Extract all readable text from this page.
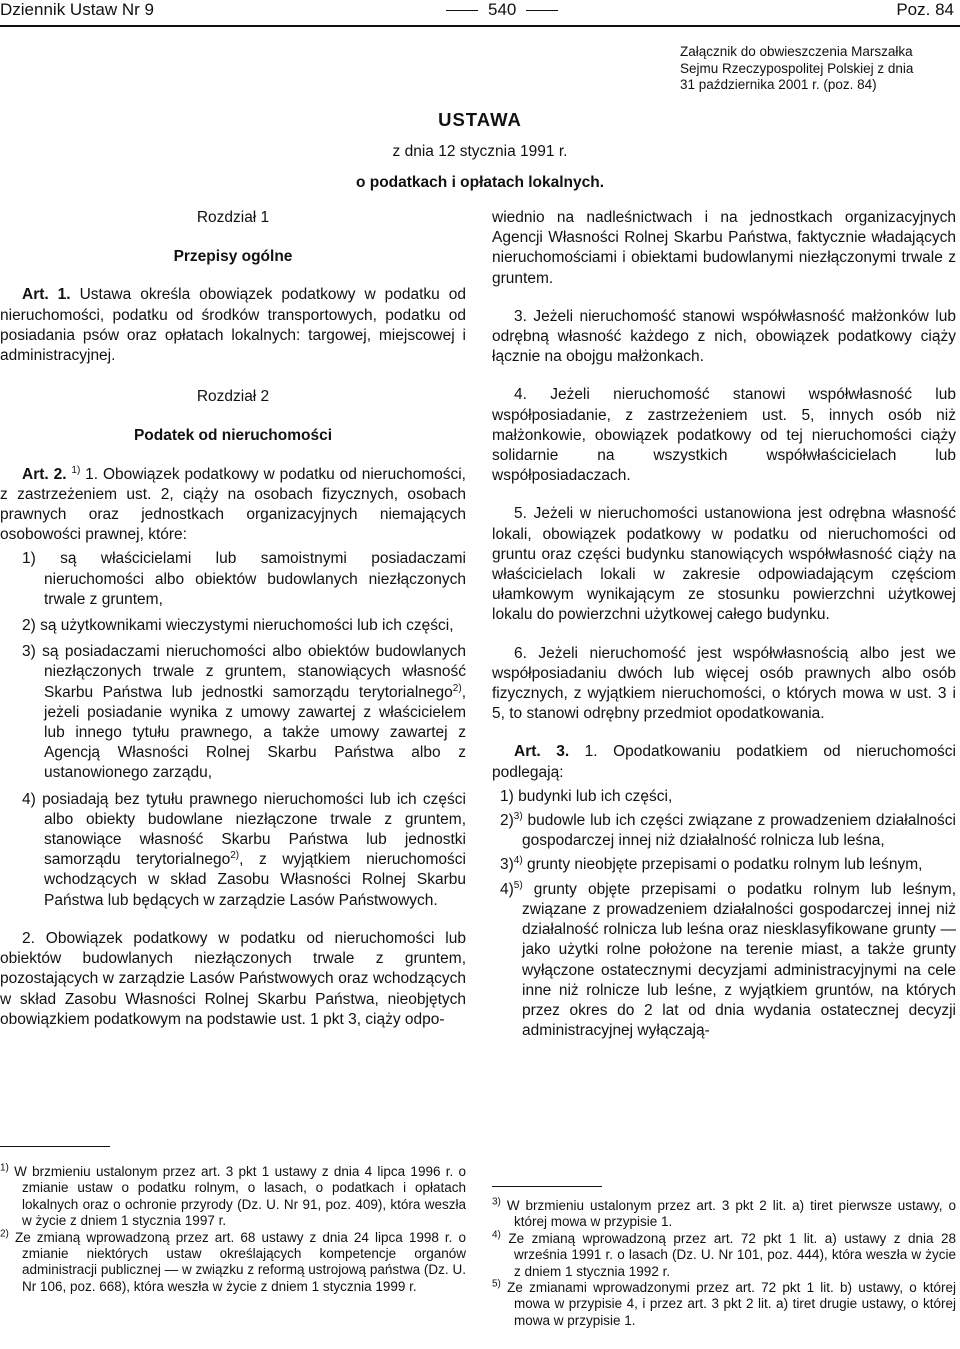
Dziennik Ustaw Nr 9	540	Poz. 84
Załącznik do obwieszczenia Marszałka
Sejmu Rzeczypospolitej Polskiej z dnia
31 października 2001 r. (poz. 84)
USTAWA
z dnia 12 stycznia 1991 r.
o podatkach i opłatach lokalnych.

Rozdział 1

Przepisy ogólne

Art. 1. Ustawa określa obowiązek podatkowy w podatku od nieruchomości, podatku od środków transportowych, podatku od posiadania psów oraz opłatach lokalnych: targowej, miejscowej i administracyjnej.

Rozdział 2

Podatek od nieruchomości

Art. 2. $^{1)}$ 1. Obowiązek podatkowy w podatku od nieruchomości, z zastrzeżeniem ust. 2, ciąży na osobach fizycznych, osobach prawnych oraz jednostkach organizacyjnych niemających osobowości prawnej, które:

1) są właścicielami lub samoistnymi posiadaczami nieruchomości albo obiektów budowlanych niezłączonych trwale z gruntem,

2) są użytkownikami wieczystymi nieruchomości lub ich części,

3) są posiadaczami nieruchomości albo obiektów budowlanych niezłączonych trwale z gruntem, stanowiących własność Skarbu Państwa lub jednostki samorządu terytorialnego$^{2)}$, jeżeli posiadanie wynika z umowy zawartej z właścicielem lub innego tytułu prawnego, a także umowy zawartej z Agencją Własności Rolnej Skarbu Państwa albo z ustanowionego zarządu,

4) posiadają bez tytułu prawnego nieruchomości lub ich części albo obiekty budowlane niezłączone trwale z gruntem, stanowiące własność Skarbu Państwa lub jednostki samorządu terytorialnego$^{2)}$, z wyjątkiem nieruchomości wchodzących w skład Zasobu Własności Rolnej Skarbu Państwa lub będących w zarządzie Lasów Państwowych.

2. Obowiązek podatkowy w podatku od nieruchomości lub obiektów budowlanych niezłączonych trwale z gruntem, pozostających w zarządzie Lasów Państwowych oraz wchodzących w skład Zasobu Własności Rolnej Skarbu Państwa, nieobjętych obowiązkiem podatkowym na podstawie ust. 1 pkt 3, ciąży odpo-

$^{1)}$ W brzmieniu ustalonym przez art. 3 pkt 1 ustawy z dnia 4 lipca 1996 r. o zmianie ustaw o podatku rolnym, o lasach, o podatkach i opłatach lokalnych oraz o ochronie przyrody (Dz. U. Nr 91, poz. 409), która weszła w życie z dniem 1 stycznia 1997 r.

$^{2)}$ Ze zmianą wprowadzoną przez art. 68 ustawy z dnia 24 lipca 1998 r. o zmianie niektórych ustaw określających kompetencje organów administracji publicznej — w związku z reformą ustrojową państwa (Dz. U. Nr 106, poz. 668), która weszła w życie z dniem 1 stycznia 1999 r.

wiednio na nadleśnictwach i na jednostkach organizacyjnych Agencji Własności Rolnej Skarbu Państwa, faktycznie władających nieruchomościami i obiektami budowlanymi niezłączonymi trwale z gruntem.

3. Jeżeli nieruchomość stanowi współwłasność małżonków lub odrębną własność każdego z nich, obowiązek podatkowy ciąży łącznie na obojgu małżonkach.

4. Jeżeli nieruchomość stanowi współwłasność lub współposiadanie, z zastrzeżeniem ust. 5, innych osób niż małżonkowie, obowiązek podatkowy od tej nieruchomości ciąży solidarnie na wszystkich współwłaścicielach lub współposiadaczach.

5. Jeżeli w nieruchomości ustanowiona jest odrębna własność lokali, obowiązek podatkowy w podatku od nieruchomości od gruntu oraz części budynku stanowiących współwłasność ciąży na właścicielach lokali w zakresie odpowiadającym częściom ułamkowym wynikającym ze stosunku powierzchni użytkowej lokalu do powierzchni użytkowej całego budynku.

6. Jeżeli nieruchomość jest współwłasnością albo jest we współposiadaniu dwóch lub więcej osób prawnych albo osób fizycznych, z wyjątkiem nieruchomości, o których mowa w ust. 3 i 5, to stanowi odrębny przedmiot opodatkowania.

Art. 3. 1. Opodatkowaniu podatkiem od nieruchomości podlegają:

1) budynki lub ich części,

2)$^{3)}$ budowle lub ich części związane z prowadzeniem działalności gospodarczej innej niż działalność rolnicza lub leśna,

3)$^{4)}$ grunty nieobjęte przepisami o podatku rolnym lub leśnym,

4)$^{5)}$ grunty objęte przepisami o podatku rolnym lub leśnym, związane z prowadzeniem działalności gospodarczej innej niż działalność rolnicza lub leśna oraz niesklasyfikowane grunty — jako użytki rolne położone na terenie miast, a także grunty wyłączone ostatecznymi decyzjami administracyjnymi na cele inne niż rolnicze lub leśne, z wyjątkiem gruntów, na których przez okres do 2 lat od dnia wydania ostatecznej decyzji administracyjnej wyłączają-

$^{3)}$ W brzmieniu ustalonym przez art. 3 pkt 2 lit. a) tiret pierwsze ustawy, o której mowa w przypisie 1.

$^{4)}$ Ze zmianą wprowadzoną przez art. 72 pkt 1 lit. a) ustawy z dnia 28 września 1991 r. o lasach (Dz. U. Nr 101, poz. 444), która weszła w życie z dniem 1 stycznia 1992 r.

$^{5)}$ Ze zmianami wprowadzonymi przez art. 72 pkt 1 lit. b) ustawy, o której mowa w przypisie 4, i przez art. 3 pkt 2 lit. a) tiret drugie ustawy, o której mowa w przypisie 1.
